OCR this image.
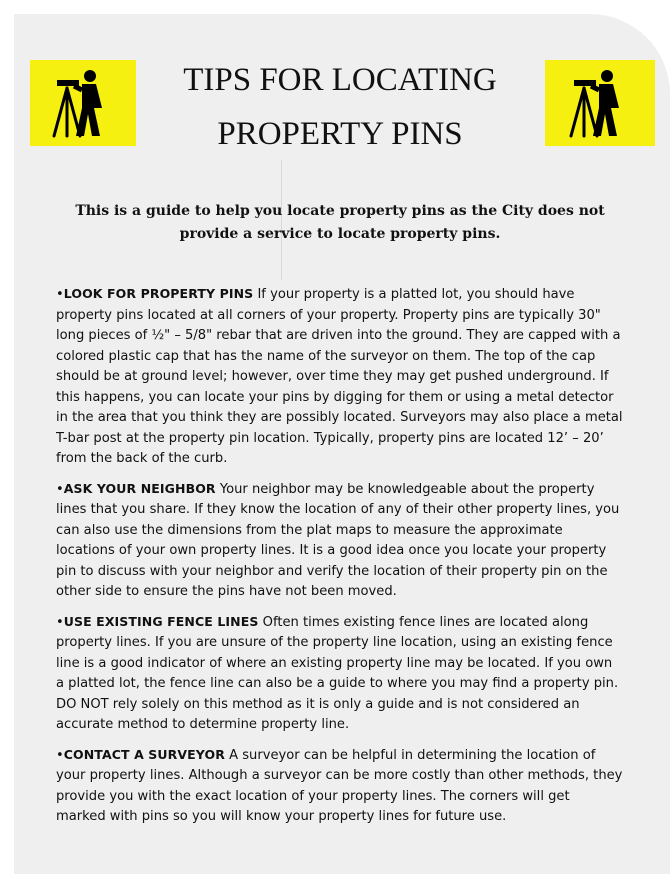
TIPS FOR LOCATING
PROPERTY PINS
This is a guide to help you locate property pins as the City does not provide a service to locate property pins.

•LOOK FOR PROPERTY PINS If your property is a platted lot, you should have property pins located at all corners of your property. Property pins are typically 30" long pieces of ½" – 5/8" rebar that are driven into the ground. They are capped with a colored plastic cap that has the name of the surveyor on them. The top of the cap should be at ground level; however, over time they may get pushed underground. If this happens, you can locate your pins by digging for them or using a metal detector in the area that you think they are possibly located. Surveyors may also place a metal T-bar post at the property pin location. Typically, property pins are located 12’ – 20’ from the back of the curb.

•ASK YOUR NEIGHBOR Your neighbor may be knowledgeable about the property lines that you share. If they know the location of any of their other property lines, you can also use the dimensions from the plat maps to measure the approximate locations of your own property lines. It is a good idea once you locate your property pin to discuss with your neighbor and verify the location of their property pin on the other side to ensure the pins have not been moved.

•USE EXISTING FENCE LINES Often times existing fence lines are located along property lines. If you are unsure of the property line location, using an existing fence line is a good indicator of where an existing property line may be located. If you own a platted lot, the fence line can also be a guide to where you may find a property pin. DO NOT rely solely on this method as it is only a guide and is not considered an accurate method to determine property line.

•CONTACT A SURVEYOR A surveyor can be helpful in determining the location of your property lines. Although a surveyor can be more costly than other methods, they provide you with the exact location of your property lines. The corners will get marked with pins so you will know your property lines for future use.
